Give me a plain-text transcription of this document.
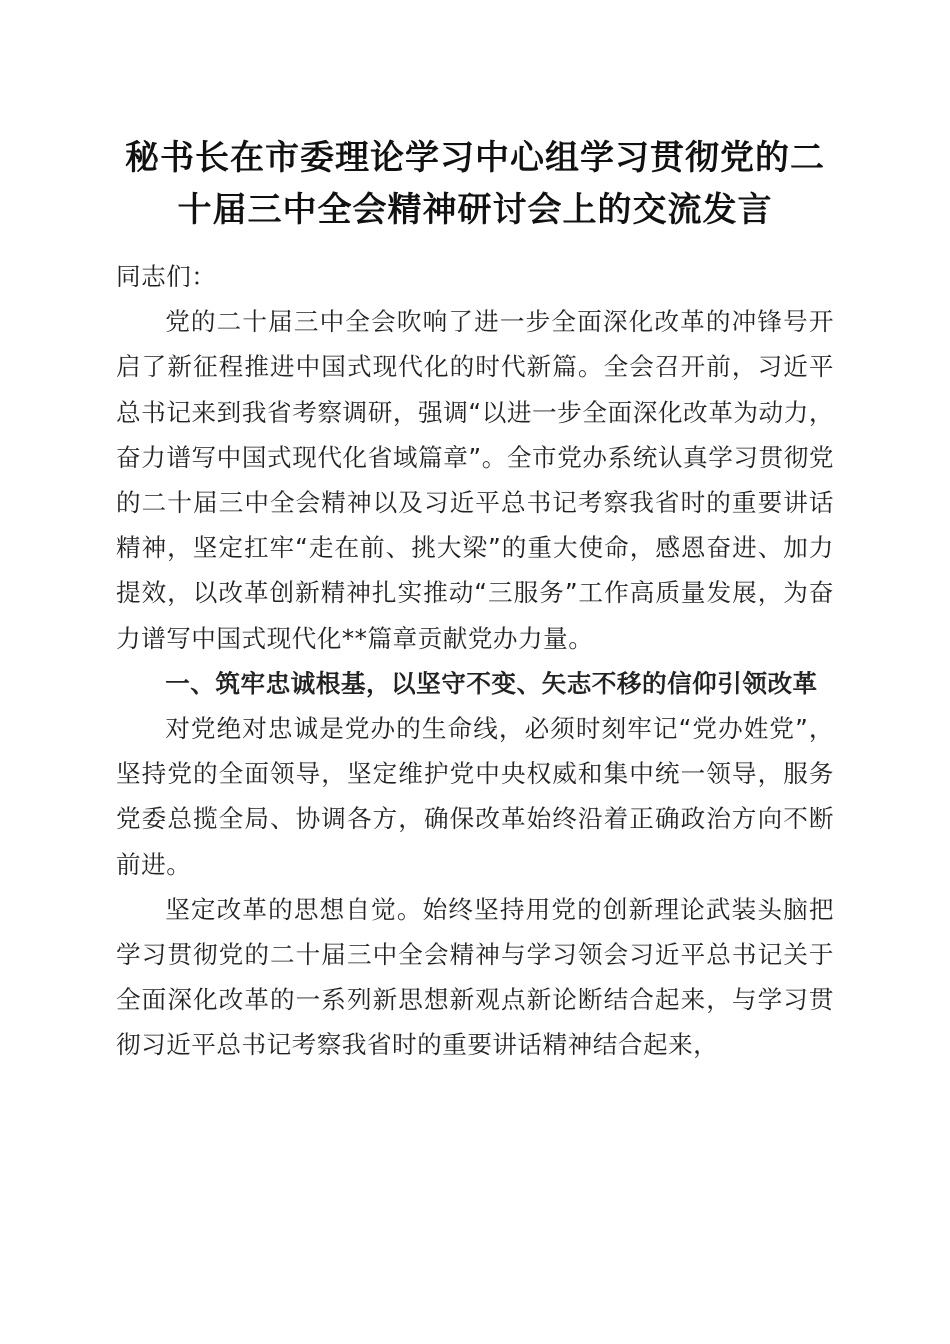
秘书长在市委理论学习中心组学习贯彻党的二
十届三中全会精神研讨会上的交流发言

同志们：

党的二十届三中全会吹响了进一步全面深化改革的冲锋号开启了新征程推进中国式现代化的时代新篇。全会召开前，习近平总书记来到我省考察调研，强调“以进一步全面深化改革为动力，奋力谱写中国式现代化省域篇章”。全市党办系统认真学习贯彻党的二十届三中全会精神以及习近平总书记考察我省时的重要讲话精神，坚定扛牢“走在前、挑大梁”的重大使命，感恩奋进、加力提效，以改革创新精神扎实推动“三服务”工作高质量发展，为奋力谱写中国式现代化**篇章贡献党办力量。

一、筑牢忠诚根基，以坚守不变、矢志不移的信仰引领改革

对党绝对忠诚是党办的生命线，必须时刻牢记“党办姓党”，坚持党的全面领导，坚定维护党中央权威和集中统一领导，服务党委总揽全局、协调各方，确保改革始终沿着正确政治方向不断前进。

坚定改革的思想自觉。始终坚持用党的创新理论武装头脑把学习贯彻党的二十届三中全会精神与学习领会习近平总书记关于全面深化改革的一系列新思想新观点新论断结合起来，与学习贯彻习近平总书记考察我省时的重要讲话精神结合起来，
